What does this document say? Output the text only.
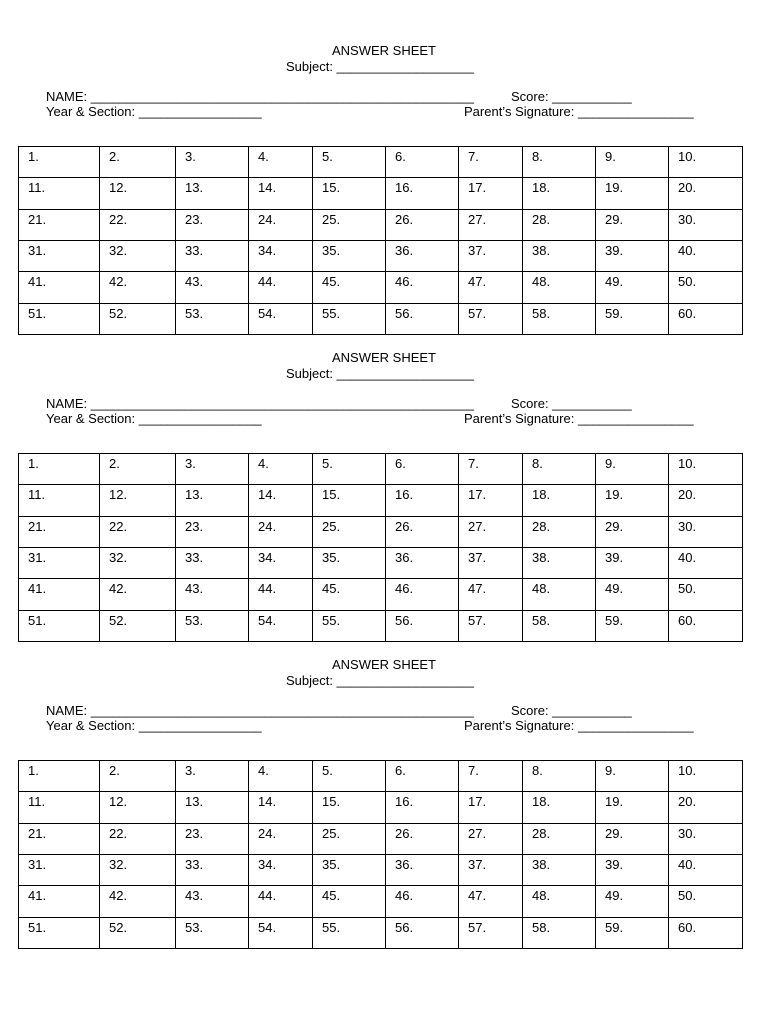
ANSWER SHEET
Subject: ___________________
NAME: _____________________________________________________	Score: ___________
Year & Section: _________________	Parent’s Signature: ________________
1.	2.	3.	4.	5.	6.	7.	8.	9.	10.
11.	12.	13.	14.	15.	16.	17.	18.	19.	20.
21.	22.	23.	24.	25.	26.	27.	28.	29.	30.
31.	32.	33.	34.	35.	36.	37.	38.	39.	40.
41.	42.	43.	44.	45.	46.	47.	48.	49.	50.
51.	52.	53.	54.	55.	56.	57.	58.	59.	60.
ANSWER SHEET
Subject: ___________________
NAME: _____________________________________________________	Score: ___________
Year & Section: _________________	Parent’s Signature: ________________
1.	2.	3.	4.	5.	6.	7.	8.	9.	10.
11.	12.	13.	14.	15.	16.	17.	18.	19.	20.
21.	22.	23.	24.	25.	26.	27.	28.	29.	30.
31.	32.	33.	34.	35.	36.	37.	38.	39.	40.
41.	42.	43.	44.	45.	46.	47.	48.	49.	50.
51.	52.	53.	54.	55.	56.	57.	58.	59.	60.
ANSWER SHEET
Subject: ___________________
NAME: _____________________________________________________	Score: ___________
Year & Section: _________________	Parent’s Signature: ________________
1.	2.	3.	4.	5.	6.	7.	8.	9.	10.
11.	12.	13.	14.	15.	16.	17.	18.	19.	20.
21.	22.	23.	24.	25.	26.	27.	28.	29.	30.
31.	32.	33.	34.	35.	36.	37.	38.	39.	40.
41.	42.	43.	44.	45.	46.	47.	48.	49.	50.
51.	52.	53.	54.	55.	56.	57.	58.	59.	60.
